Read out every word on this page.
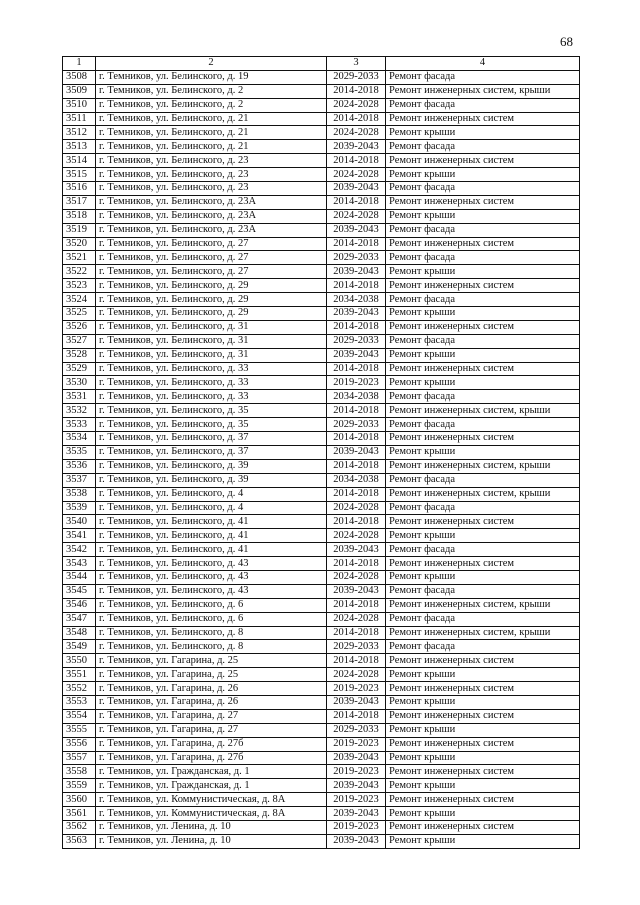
68
1	2	3	4
3508	г. Темников, ул. Белинского, д. 19	2029-2033	Ремонт фасада
3509	г. Темников, ул. Белинского, д. 2	2014-2018	Ремонт инженерных систем, крыши
3510	г. Темников, ул. Белинского, д. 2	2024-2028	Ремонт фасада
3511	г. Темников, ул. Белинского, д. 21	2014-2018	Ремонт инженерных систем
3512	г. Темников, ул. Белинского, д. 21	2024-2028	Ремонт крыши
3513	г. Темников, ул. Белинского, д. 21	2039-2043	Ремонт фасада
3514	г. Темников, ул. Белинского, д. 23	2014-2018	Ремонт инженерных систем
3515	г. Темников, ул. Белинского, д. 23	2024-2028	Ремонт крыши
3516	г. Темников, ул. Белинского, д. 23	2039-2043	Ремонт фасада
3517	г. Темников, ул. Белинского, д. 23А	2014-2018	Ремонт инженерных систем
3518	г. Темников, ул. Белинского, д. 23А	2024-2028	Ремонт крыши
3519	г. Темников, ул. Белинского, д. 23А	2039-2043	Ремонт фасада
3520	г. Темников, ул. Белинского, д. 27	2014-2018	Ремонт инженерных систем
3521	г. Темников, ул. Белинского, д. 27	2029-2033	Ремонт фасада
3522	г. Темников, ул. Белинского, д. 27	2039-2043	Ремонт крыши
3523	г. Темников, ул. Белинского, д. 29	2014-2018	Ремонт инженерных систем
3524	г. Темников, ул. Белинского, д. 29	2034-2038	Ремонт фасада
3525	г. Темников, ул. Белинского, д. 29	2039-2043	Ремонт крыши
3526	г. Темников, ул. Белинского, д. 31	2014-2018	Ремонт инженерных систем
3527	г. Темников, ул. Белинского, д. 31	2029-2033	Ремонт фасада
3528	г. Темников, ул. Белинского, д. 31	2039-2043	Ремонт крыши
3529	г. Темников, ул. Белинского, д. 33	2014-2018	Ремонт инженерных систем
3530	г. Темников, ул. Белинского, д. 33	2019-2023	Ремонт крыши
3531	г. Темников, ул. Белинского, д. 33	2034-2038	Ремонт фасада
3532	г. Темников, ул. Белинского, д. 35	2014-2018	Ремонт инженерных систем, крыши
3533	г. Темников, ул. Белинского, д. 35	2029-2033	Ремонт фасада
3534	г. Темников, ул. Белинского, д. 37	2014-2018	Ремонт инженерных систем
3535	г. Темников, ул. Белинского, д. 37	2039-2043	Ремонт крыши
3536	г. Темников, ул. Белинского, д. 39	2014-2018	Ремонт инженерных систем, крыши
3537	г. Темников, ул. Белинского, д. 39	2034-2038	Ремонт фасада
3538	г. Темников, ул. Белинского, д. 4	2014-2018	Ремонт инженерных систем, крыши
3539	г. Темников, ул. Белинского, д. 4	2024-2028	Ремонт фасада
3540	г. Темников, ул. Белинского, д. 41	2014-2018	Ремонт инженерных систем
3541	г. Темников, ул. Белинского, д. 41	2024-2028	Ремонт крыши
3542	г. Темников, ул. Белинского, д. 41	2039-2043	Ремонт фасада
3543	г. Темников, ул. Белинского, д. 43	2014-2018	Ремонт инженерных систем
3544	г. Темников, ул. Белинского, д. 43	2024-2028	Ремонт крыши
3545	г. Темников, ул. Белинского, д. 43	2039-2043	Ремонт фасада
3546	г. Темников, ул. Белинского, д. 6	2014-2018	Ремонт инженерных систем, крыши
3547	г. Темников, ул. Белинского, д. 6	2024-2028	Ремонт фасада
3548	г. Темников, ул. Белинского, д. 8	2014-2018	Ремонт инженерных систем, крыши
3549	г. Темников, ул. Белинского, д. 8	2029-2033	Ремонт фасада
3550	г. Темников, ул. Гагарина, д. 25	2014-2018	Ремонт инженерных систем
3551	г. Темников, ул. Гагарина, д. 25	2024-2028	Ремонт крыши
3552	г. Темников, ул. Гагарина, д. 26	2019-2023	Ремонт инженерных систем
3553	г. Темников, ул. Гагарина, д. 26	2039-2043	Ремонт крыши
3554	г. Темников, ул. Гагарина, д. 27	2014-2018	Ремонт инженерных систем
3555	г. Темников, ул. Гагарина, д. 27	2029-2033	Ремонт крыши
3556	г. Темников, ул. Гагарина, д. 27б	2019-2023	Ремонт инженерных систем
3557	г. Темников, ул. Гагарина, д. 27б	2039-2043	Ремонт крыши
3558	г. Темников, ул. Гражданская, д. 1	2019-2023	Ремонт инженерных систем
3559	г. Темников, ул. Гражданская, д. 1	2039-2043	Ремонт крыши
3560	г. Темников, ул. Коммунистическая, д. 8А	2019-2023	Ремонт инженерных систем
3561	г. Темников, ул. Коммунистическая, д. 8А	2039-2043	Ремонт крыши
3562	г. Темников, ул. Ленина, д. 10	2019-2023	Ремонт инженерных систем
3563	г. Темников, ул. Ленина, д. 10	2039-2043	Ремонт крыши
